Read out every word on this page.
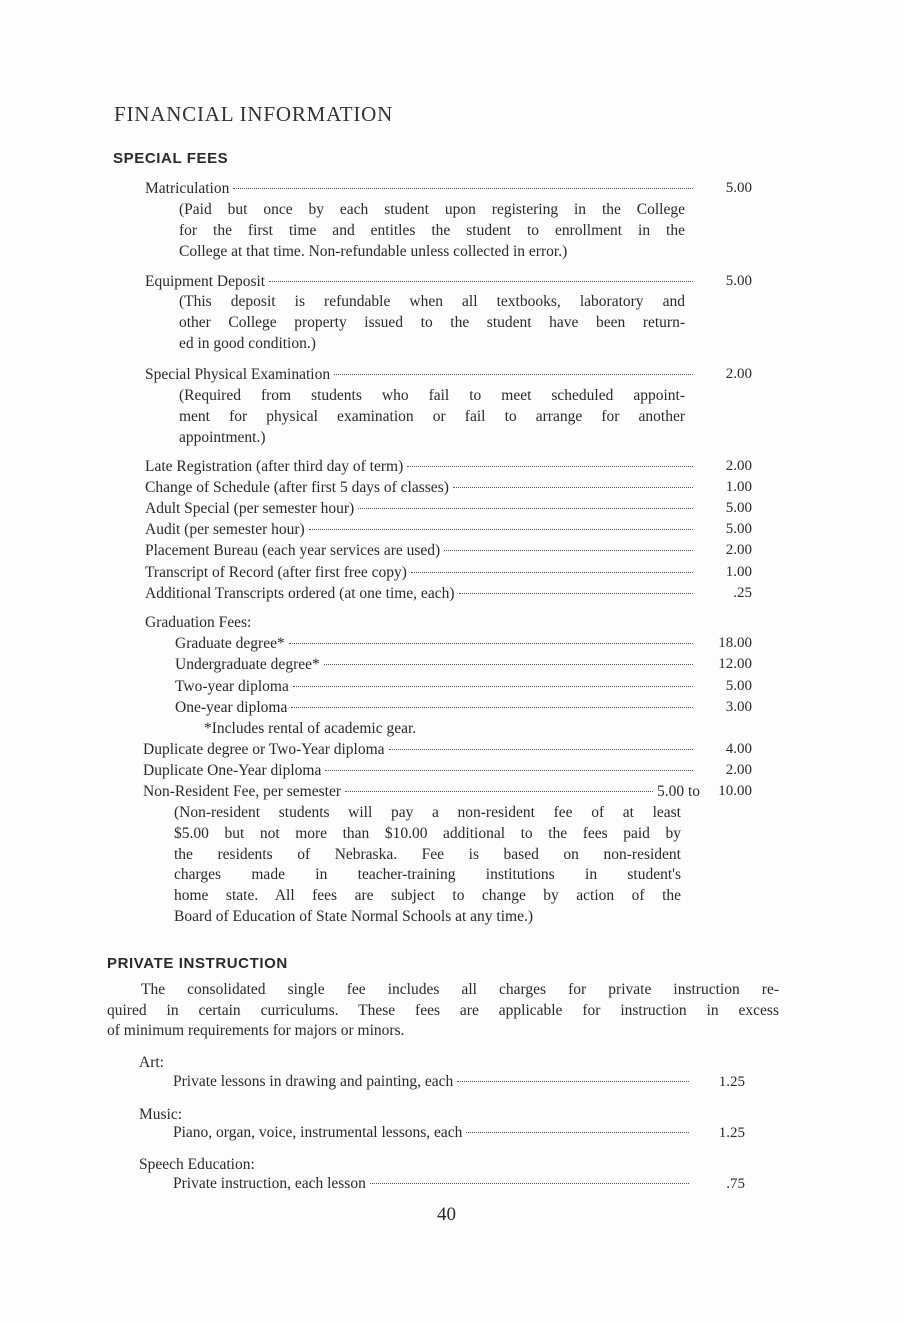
FINANCIAL INFORMATION
SPECIAL FEES
Matriculation	5.00
(Paid but once by each student upon registering in the College
for the first time and entitles the student to enrollment in the
College at that time. Non-refundable unless collected in error.)
Equipment Deposit	5.00
(This deposit is refundable when all textbooks, laboratory and
other College property issued to the student have been return-
ed in good condition.)
Special Physical Examination	2.00
(Required from students who fail to meet scheduled appoint-
ment for physical examination or fail to arrange for another
appointment.)
Late Registration (after third day of term)	2.00
Change of Schedule (after first 5 days of classes)	1.00
Adult Special (per semester hour)	5.00
Audit (per semester hour)	5.00
Placement Bureau (each year services are used)	2.00
Transcript of Record (after first free copy)	1.00
Additional Transcripts ordered (at one time, each)	.25
Graduation Fees:
Graduate degree*	18.00
Undergraduate degree*	12.00
Two-year diploma	5.00
One-year diploma	3.00
*Includes rental of academic gear.
Duplicate degree or Two-Year diploma	4.00
Duplicate One-Year diploma	2.00
Non-Resident Fee, per semester	5.00 to	10.00
(Non-resident students will pay a non-resident fee of at least
$5.00 but not more than $10.00 additional to the fees paid by
the residents of Nebraska. Fee is based on non-resident
charges made in teacher-training institutions in student's
home state. All fees are subject to change by action of the
Board of Education of State Normal Schools at any time.)
PRIVATE INSTRUCTION
The consolidated single fee includes all charges for private instruction re-
quired in certain curriculums. These fees are applicable for instruction in excess
of minimum requirements for majors or minors.
Art:
Private lessons in drawing and painting, each	1.25
Music:
Piano, organ, voice, instrumental lessons, each	1.25
Speech Education:
Private instruction, each lesson	.75
40
